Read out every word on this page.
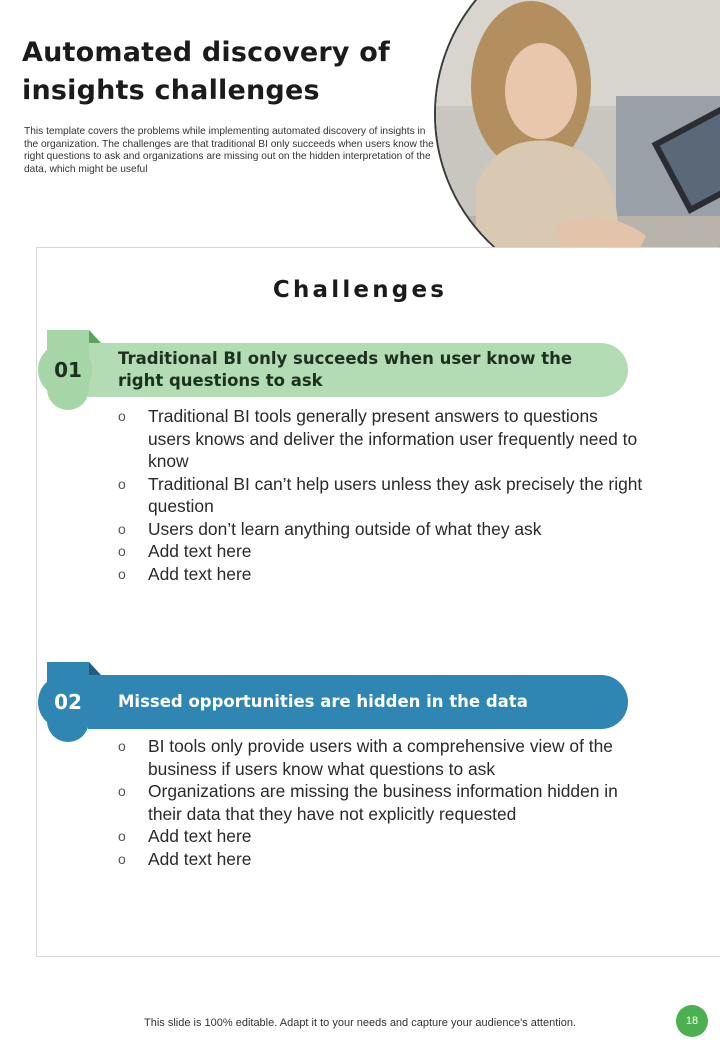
Automated discovery of
insights challenges
This template covers the problems while implementing automated discovery of insights in the organization. The challenges are that traditional BI only succeeds when users know the right questions to ask and organizations are missing out on the hidden interpretation of the data, which might be useful
Challenges
Traditional BI only succeeds when user know the right questions to ask
01
o Traditional BI tools generally present answers to questions users knows and deliver the information user frequently need to know
o Traditional BI can’t help users unless they ask precisely the right question
o Users don’t learn anything outside of what they ask
o Add text here
o Add text here
Missed opportunities are hidden in the data
02
o BI tools only provide users with a comprehensive view of the business if users know what questions to ask
o Organizations are missing the business information hidden in their data that they have not explicitly requested
o Add text here
o Add text here
This slide is 100% editable. Adapt it to your needs and capture your audience's attention.	18
